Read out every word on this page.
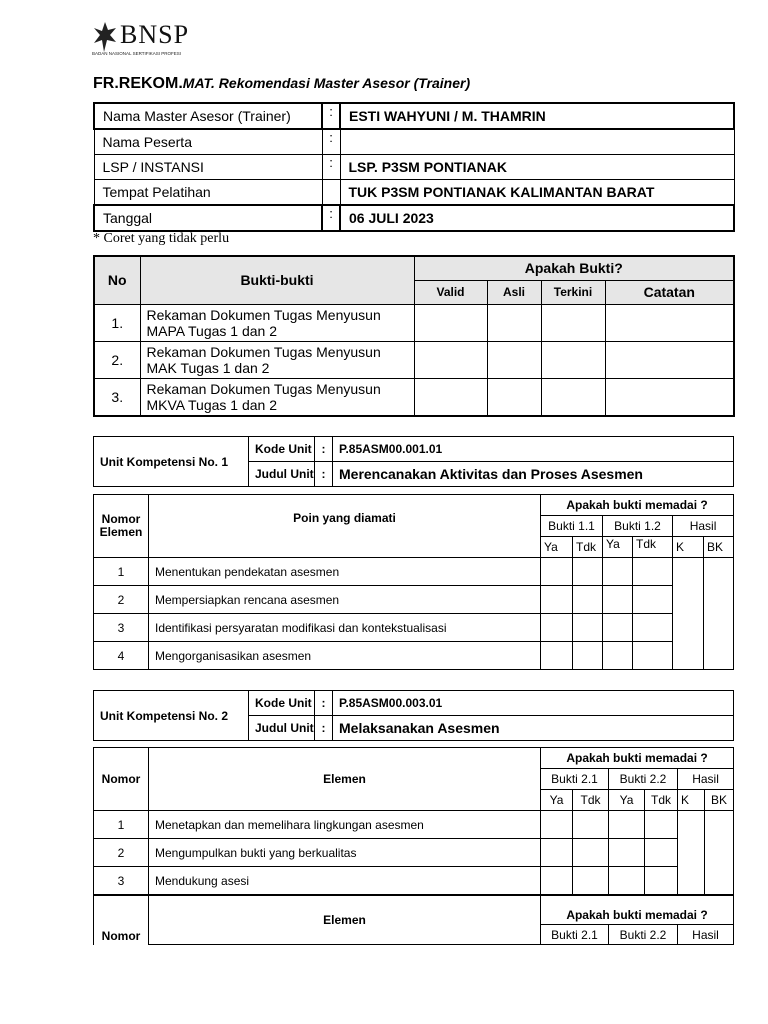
BNSP
BADAN NASIONAL SERTIFIKASI PROFESI
FR.REKOM.MAT. Rekomendasi Master Asesor (Trainer)
Nama Master Asesor (Trainer)	:	ESTI WAHYUNI / M. THAMRIN
Nama Peserta	:	
LSP / INSTANSI	:	LSP. P3SM PONTIANAK
Tempat Pelatihan		TUK P3SM PONTIANAK KALIMANTAN BARAT
Tanggal	:	06 JULI 2023
* Coret yang tidak perlu
No	Bukti-bukti	Apakah Bukti?			
		Valid	Asli	Terkini	Catatan
1.	Rekaman Dokumen Tugas Menyusun MAPA Tugas 1 dan 2				
2.	Rekaman Dokumen Tugas Menyusun MAK Tugas 1 dan 2				
3.	Rekaman Dokumen Tugas Menyusun MKVA Tugas 1 dan 2				
Unit Kompetensi No. 1	Kode Unit	:	P.85ASM00.001.01
	Judul Unit	:	Merencanakan Aktivitas dan Proses Asesmen
Nomor Elemen	Poin yang diamati	Apakah bukti memadai ?					
		Bukti 1.1		Bukti 1.2		Hasil	
		Ya	Tdk	Ya	Tdk	K	BK
1	Menentukan pendekatan asesmen						
2	Mempersiapkan rencana asesmen						
3	Identifikasi persyaratan modifikasi dan kontekstualisasi						
4	Mengorganisasikan asesmen						
Unit Kompetensi No. 2	Kode Unit	:	P.85ASM00.003.01
	Judul Unit	:	Melaksanakan Asesmen
Nomor	Elemen	Apakah bukti memadai ?					
		Bukti 2.1		Bukti 2.2		Hasil	
		Ya	Tdk	Ya	Tdk	K	BK
1	Menetapkan dan memelihara lingkungan asesmen						
2	Mengumpulkan bukti yang berkualitas						
3	Mendukung asesi						
Nomor	Elemen	Apakah bukti memadai ?		
		Bukti 2.1	Bukti 2.2	Hasil
